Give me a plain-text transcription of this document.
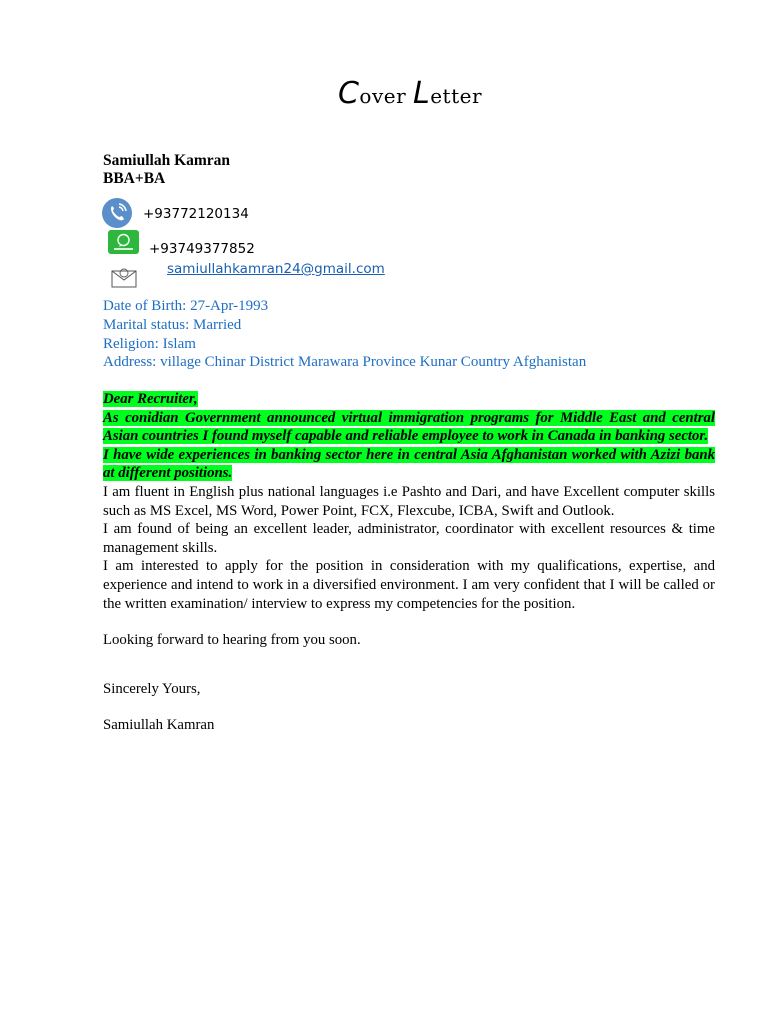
Cover Letter
Samiullah Kamran
BBA+BA
+93772120134
+93749377852
samiullahkamran24@gmail.com
Date of Birth: 27-Apr-1993
Marital status: Married
Religion: Islam
Address: village Chinar District Marawara Province Kunar Country Afghanistan
Dear Recruiter,
As conidian Government announced virtual immigration programs for Middle East and central Asian countries I found myself capable and reliable employee to work in Canada in banking sector.
I have wide experiences in banking sector here in central Asia Afghanistan worked with Azizi bank at different positions.
I am fluent in English plus national languages i.e Pashto and Dari, and have Excellent computer skills such as MS Excel, MS Word, Power Point, FCX, Flexcube, ICBA, Swift and Outlook.
I am found of being an excellent leader, administrator, coordinator with excellent resources & time management skills.
I am interested to apply for the position in consideration with my qualifications, expertise, and experience and intend to work in a diversified environment. I am very confident that I will be called or the written examination/ interview to express my competencies for the position.
Looking forward to hearing from you soon.
Sincerely Yours,
Samiullah Kamran
